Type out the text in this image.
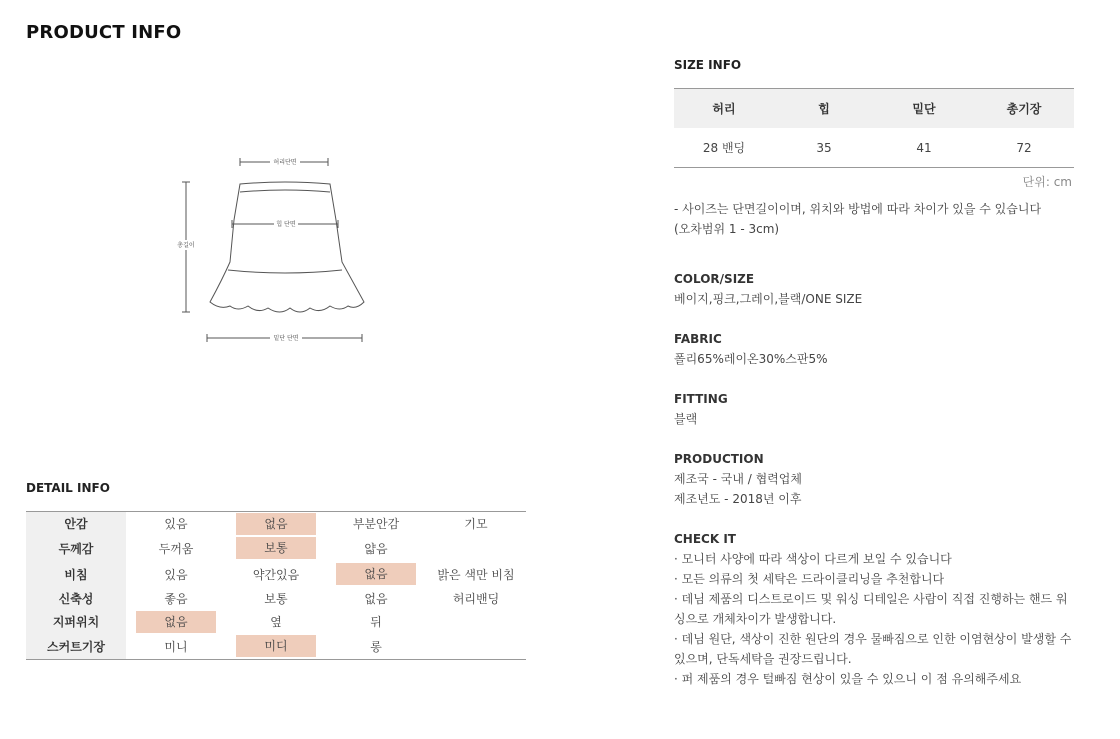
PRODUCT INFO
허리단면
힙 단면
총길이
밑단 단면
DETAIL INFO
안감	있음	없음	부분안감	기모
두께감	두꺼움	보통	얇음	
비침	있음	약간있음	없음	밝은 색만 비침
신축성	좋음	보통	없음	허리밴딩
지퍼위치	없음	옆	뒤	
스커트기장	미니	미디	롱	
SIZE INFO
허리	힙	밑단	총기장
28 밴딩	35	41	72
단위: cm
- 사이즈는 단면길이이며, 위치와 방법에 따라 차이가 있을 수 있습니다
(오차범위 1 - 3cm)
COLOR/SIZE
베이지,핑크,그레이,블랙/ONE SIZE
FABRIC
폴리65%레이온30%스판5%
FITTING
블랙
PRODUCTION
제조국 - 국내 / 협력업체
제조년도 - 2018년 이후
CHECK IT
· 모니터 사양에 따라 색상이 다르게 보일 수 있습니다
· 모든 의류의 첫 세탁은 드라이클리닝을 추천합니다
· 데님 제품의 디스트로이드 및 워싱 디테일은 사람이 직접 진행하는 핸드 워싱으로 개체차이가 발생합니다.
· 데님 원단, 색상이 진한 원단의 경우 물빠짐으로 인한 이염현상이 발생할 수 있으며, 단독세탁을 권장드립니다.
· 퍼 제품의 경우 털빠짐 현상이 있을 수 있으니 이 점 유의해주세요
